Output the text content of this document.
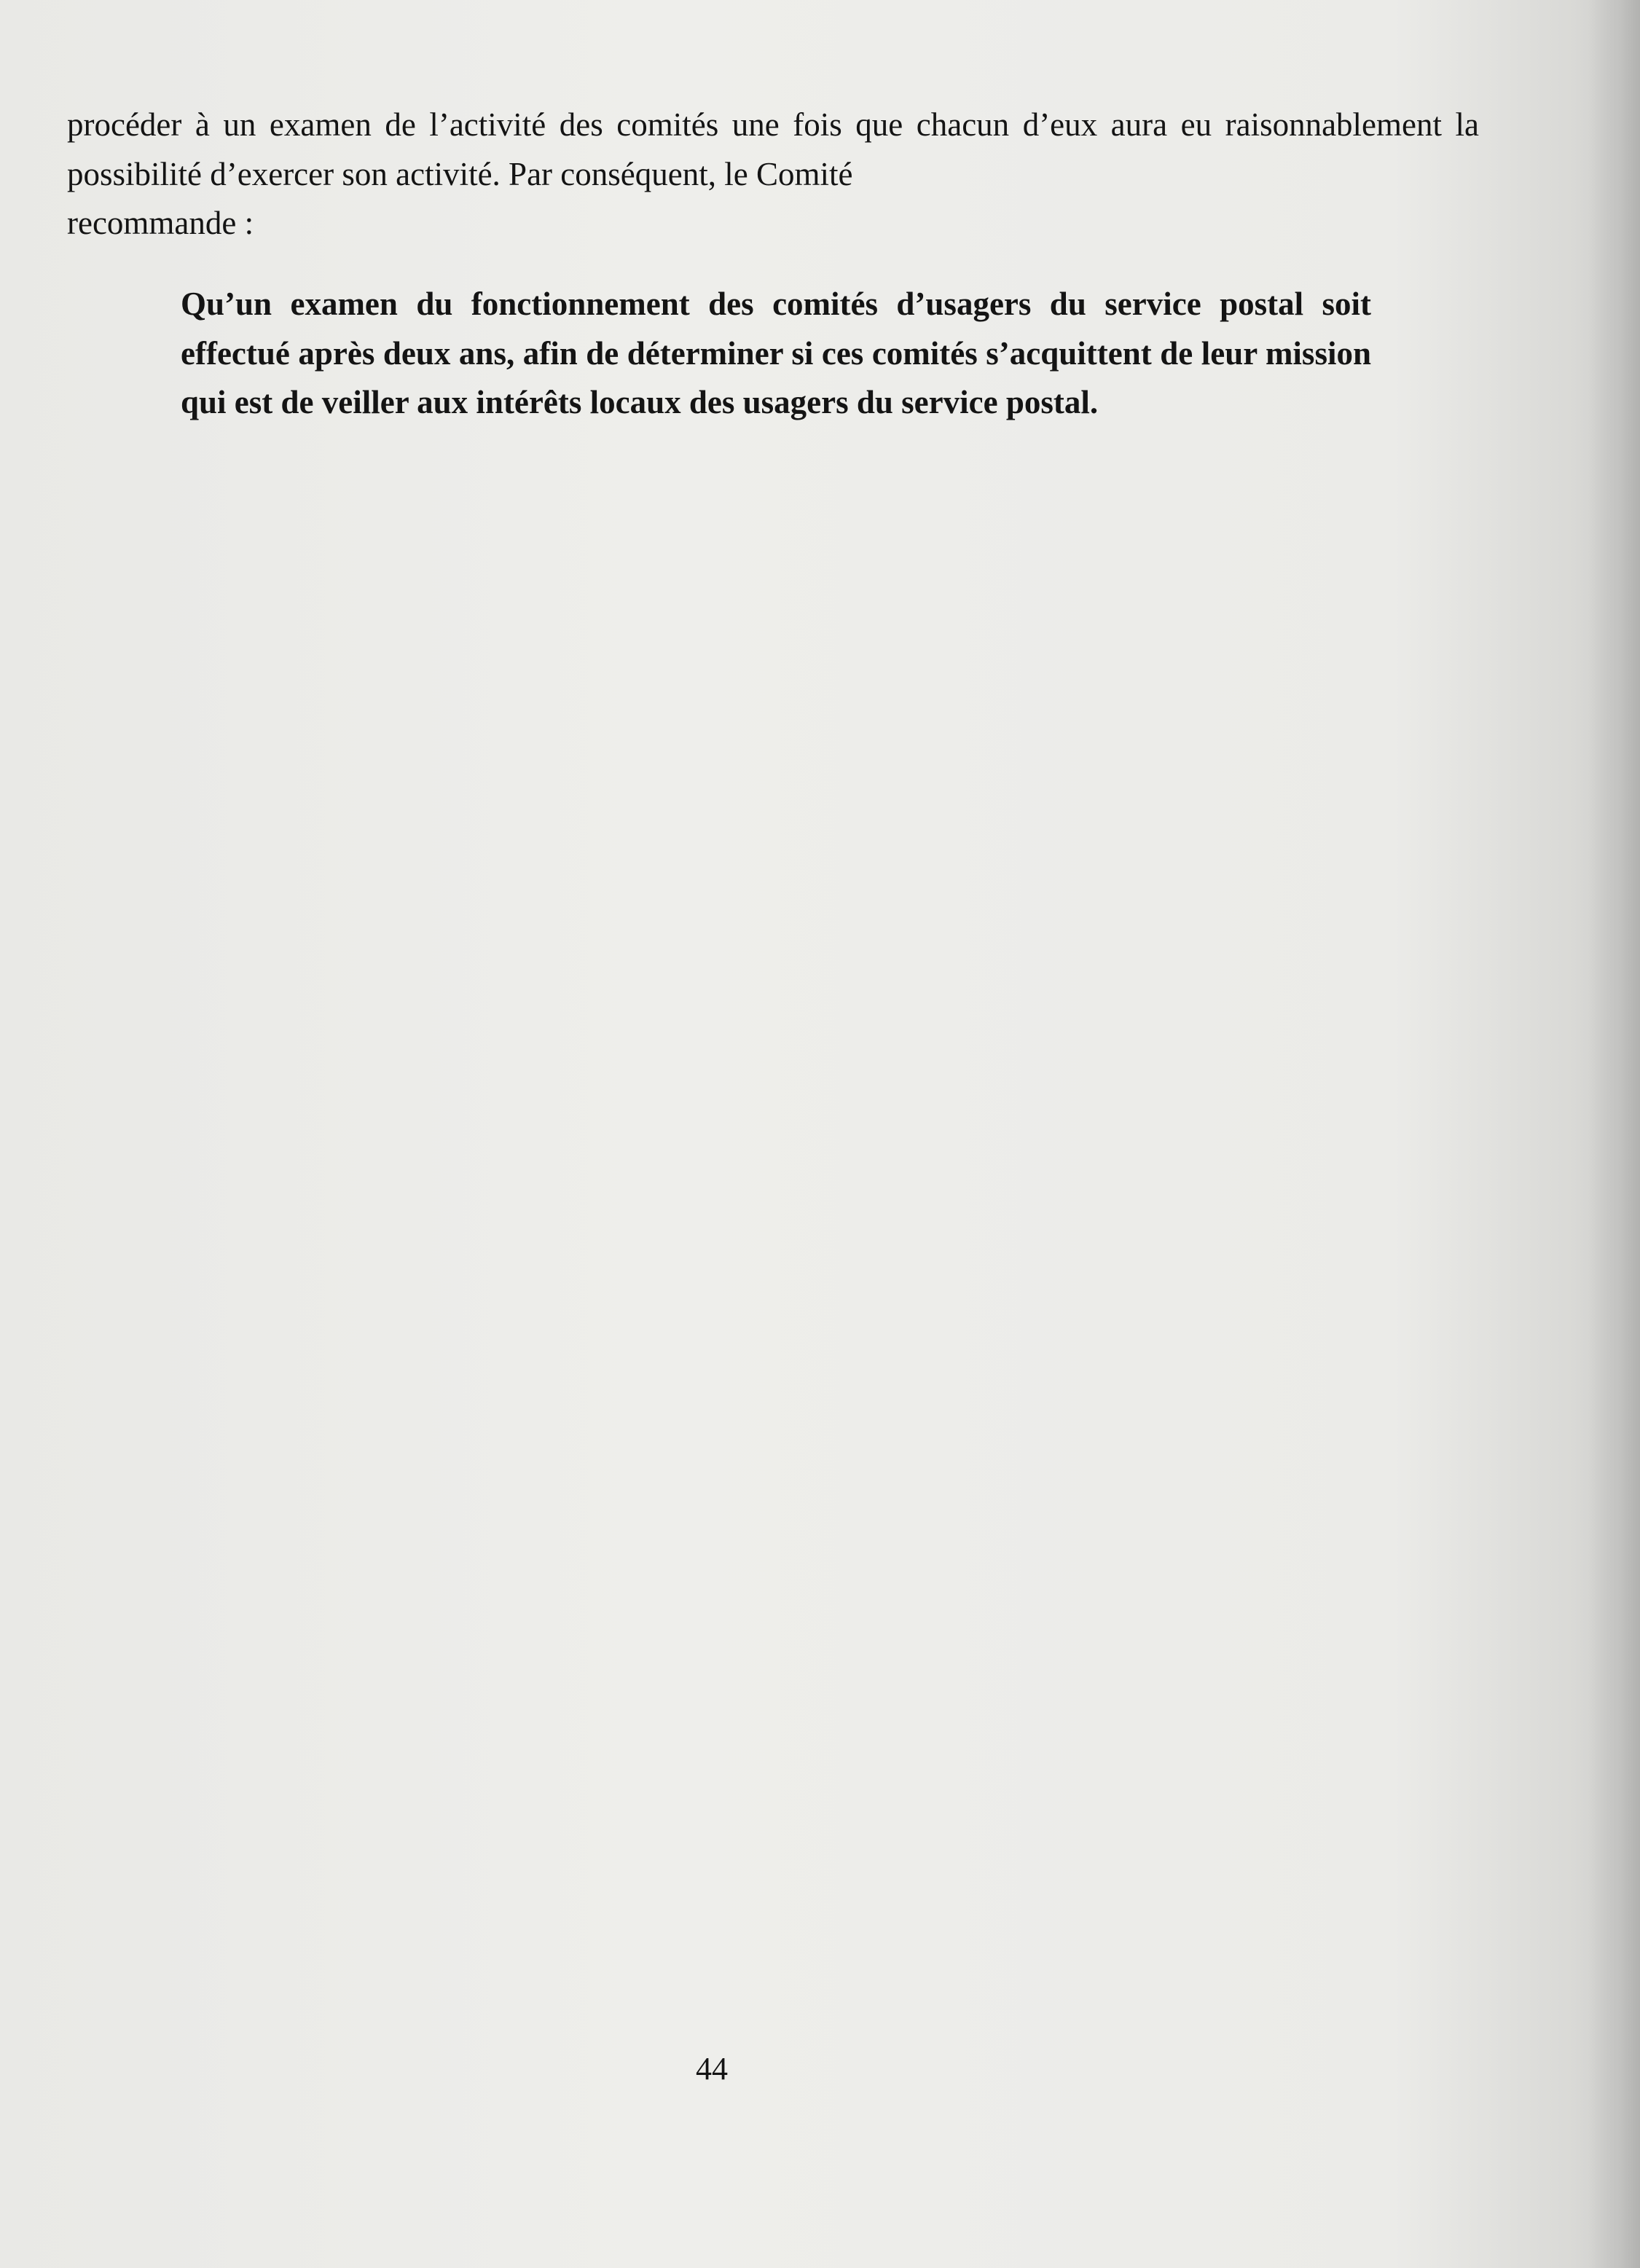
procéder à un examen de l’activité des comités une fois que chacun d’eux aura eu raisonnablement la possibilité d’exercer son activité. Par conséquent, le Comité
recommande :

Qu’un examen du fonctionnement des comités d’usagers du service postal soit effectué après deux ans, afin de déterminer si ces comités s’acquittent de leur mission qui est de veiller aux intérêts locaux des usagers du service postal.

44
